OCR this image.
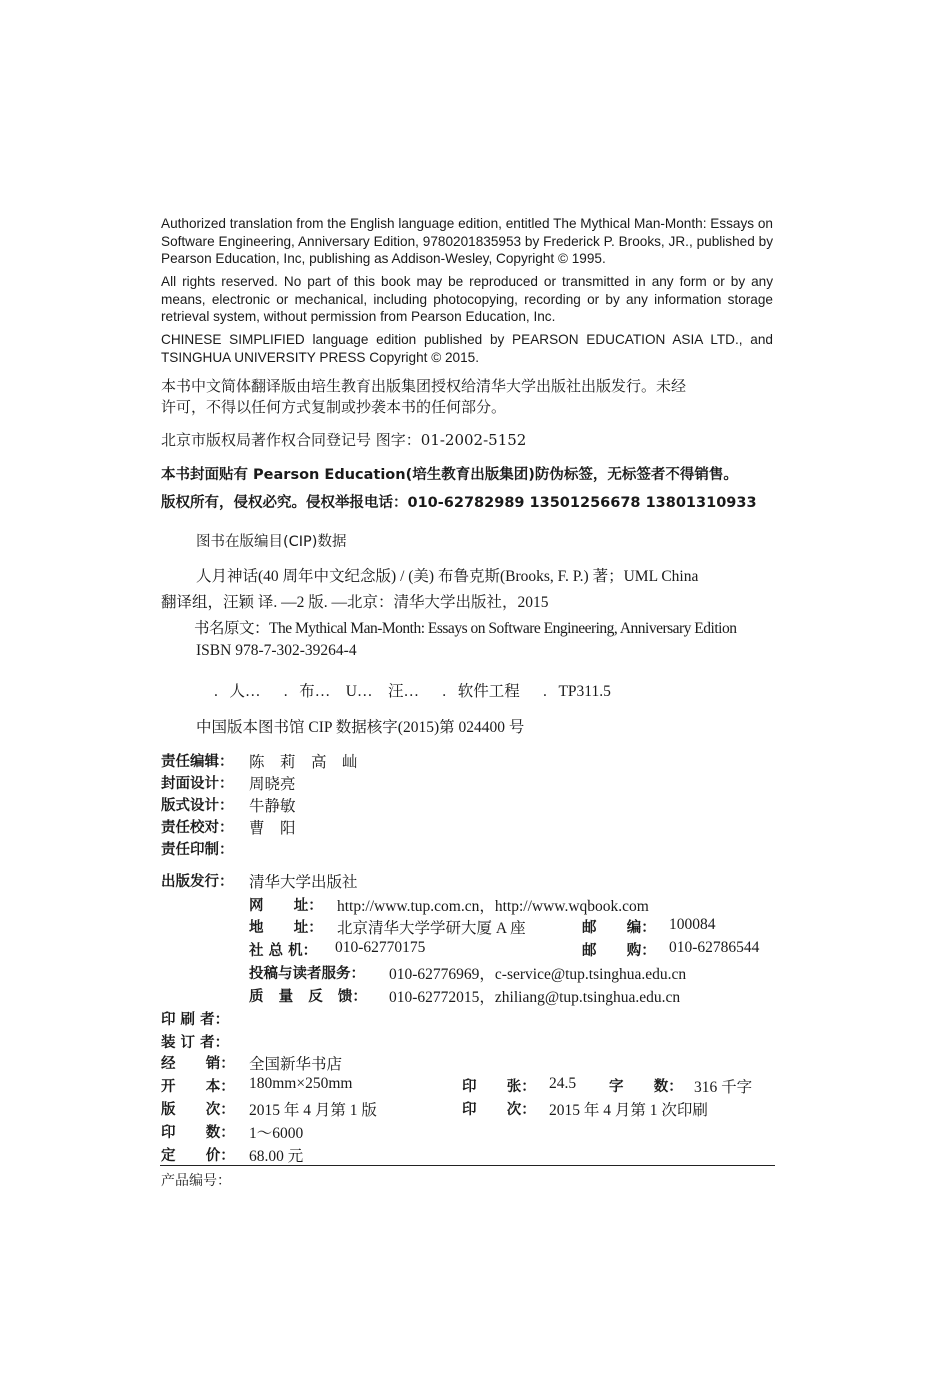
Authorized translation from the English language edition, entitled The Mythical Man-Month: Essays on Software Engineering, Anniversary Edition, 9780201835953 by Frederick P. Brooks, JR., published by Pearson Education, Inc, publishing as Addison-Wesley, Copyright © 1995.
All rights reserved. No part of this book may be reproduced or transmitted in any form or by any means, electronic or mechanical, including photocopying, recording or by any information storage retrieval system, without permission from Pearson Education, Inc.
CHINESE SIMPLIFIED language edition published by PEARSON EDUCATION ASIA LTD., and TSINGHUA UNIVERSITY PRESS Copyright © 2015.
本书中文简体翻译版由培生教育出版集团授权给清华大学出版社出版发行。未经
许可，不得以任何方式复制或抄袭本书的任何部分。
北京市版权局著作权合同登记号 图字：01-2002-5152
本书封面贴有 Pearson Education(培生教育出版集团)防伪标签，无标签者不得销售。
版权所有，侵权必究。侵权举报电话：010-62782989 13501256678 13801310933
图书在版编目(CIP)数据
人月神话(40 周年中文纪念版) / (美) 布鲁克斯(Brooks, F. P.) 著；UML China
翻译组，汪颖 译. —2 版. —北京：清华大学出版社，2015
书名原文：The Mythical Man-Month: Essays on Software Engineering, Anniversary Edition
ISBN 978-7-302-39264-4
.   人…      .   布…    U…    汪…      .   软件工程      .   TP311.5
中国版本图书馆 CIP 数据核字(2015)第 024400 号
责任编辑： 陈    莉    高    屾
封面设计： 周晓亮
版式设计： 牛静敏
责任校对： 曹    阳
责任印制：
出版发行： 清华大学出版社
网      址： http://www.tup.com.cn，http://www.wqbook.com
地      址： 北京清华大学学研大厦 A 座	邮      编： 100084
社 总 机： 010-62770175	邮      购： 010-62786544
投稿与读者服务： 010-62776969，c-service@tup.tsinghua.edu.cn
质   量   反   馈： 010-62772015，zhiliang@tup.tsinghua.edu.cn
印 刷 者：
装 订 者：
经      销： 全国新华书店
开      本： 180mm×250mm	印      张： 24.5 字      数： 316 千字
版      次： 2015 年 4 月第 1 版	印      次： 2015 年 4 月第 1 次印刷
印      数： 1～6000
定      价： 68.00 元
产品编号：
